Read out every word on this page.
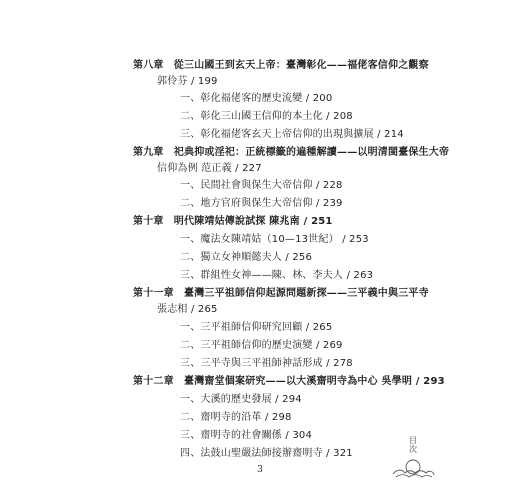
第八章　從三山國王到玄天上帝：臺灣彰化——福佬客信仰之觀察
郭伶芬 / 199
一、彰化福佬客的歷史流變 / 200
二、彰化三山國王信仰的本土化 / 208
三、彰化福佬客玄天上帝信仰的出現與擴展 / 214
第九章　祀典抑或淫祀：正統標籤的遍種解讀——以明清閩臺保生大帝
信仰為例 范正義 / 227
一、民間社會與保生大帝信仰 / 228
二、地方官府與保生大帝信仰 / 239
第十章　明代陳靖姑傳說試探 陳兆南 / 251
一、魔法女陳靖姑（10—13世紀） / 253
二、獨立女神順懿夫人 / 256
三、群組性女神——陳、林、李夫人 / 263
第十一章　臺灣三平祖師信仰起源問題新探——三平義中與三平寺
張志相 / 265
一、三平祖師信仰研究回顧 / 265
二、三平祖師信仰的歷史演變 / 269
三、三平寺與三平祖師神話形成 / 278
第十二章　臺灣齋堂個案研究——以大溪齋明寺為中心 吳學明 / 293
一、大溪的歷史發展 / 294
二、齋明寺的沿革 / 298
三、齋明寺的社會關係 / 304
四、法鼓山聖嚴法師接辦齋明寺 / 321	目次
3
